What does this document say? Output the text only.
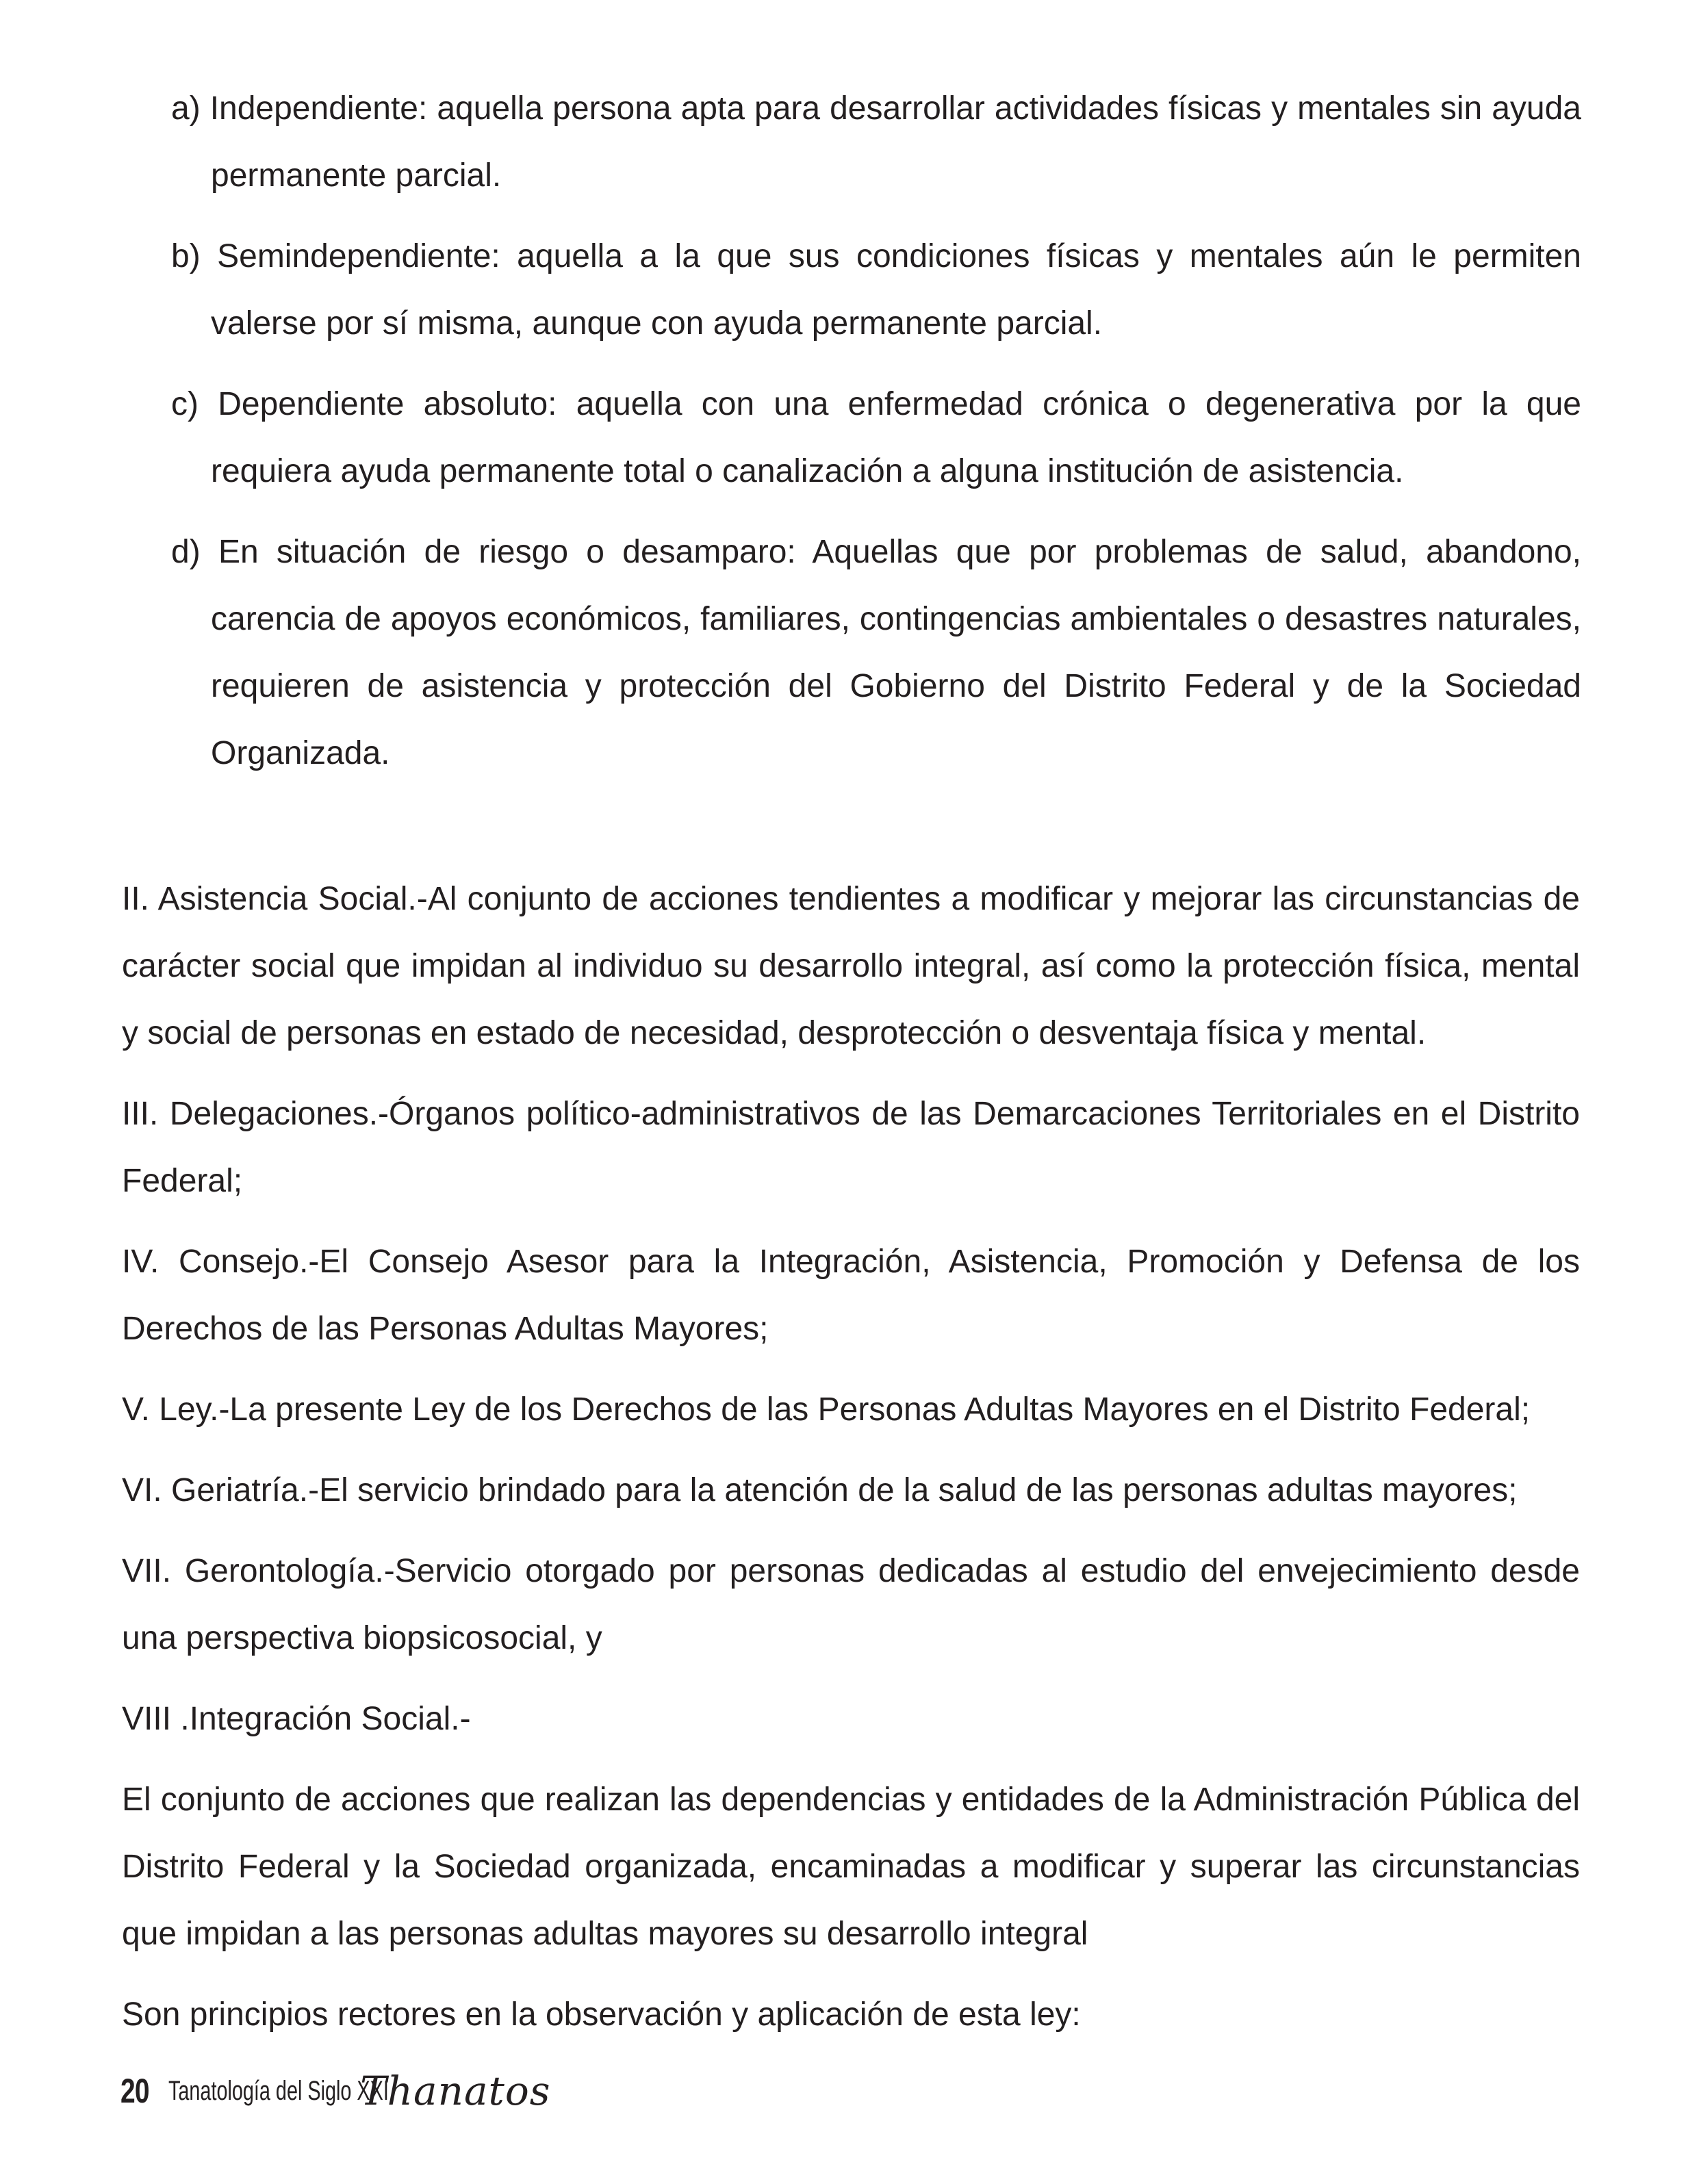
a) Independiente: aquella persona apta para desarrollar actividades físicas y mentales sin ayuda permanente parcial.
b) Semindependiente: aquella a la que sus condiciones físicas y mentales aún le permiten valerse por sí misma, aunque con ayuda permanente parcial.
c) Dependiente absoluto: aquella con una enfermedad crónica o degenerativa por la que requiera ayuda permanente total o canalización a alguna institución de asistencia.
d) En situación de riesgo o desamparo: Aquellas que por problemas de salud, abandono, carencia de apoyos económicos, familiares, contingencias ambientales o desastres naturales, requieren de asistencia y protección del Gobierno del Distrito Federal y de la Sociedad Organizada.

II. Asistencia Social.-Al conjunto de acciones tendientes a modificar y mejorar las circunstancias de carácter social que impidan al individuo su desarrollo integral, así como la protección física, mental y social de personas en estado de necesidad, desprotección o desventaja física y mental.

III. Delegaciones.-Órganos político-administrativos de las Demarcaciones Territoriales en el Distrito Federal;

IV. Consejo.-El Consejo Asesor para la Integración, Asistencia, Promoción y Defensa de los Derechos de las Personas Adultas Mayores;

V. Ley.-La presente Ley de los Derechos de las Personas Adultas Mayores en el Distrito Federal;

VI. Geriatría.-El servicio brindado para la atención de la salud de las personas adultas mayores;

VII. Gerontología.-Servicio otorgado por personas dedicadas al estudio del envejecimiento desde una perspectiva biopsicosocial, y

VIII .Integración Social.-

El conjunto de acciones que realizan las dependencias y entidades de la Administración Pública del Distrito Federal y la Sociedad organizada, encaminadas a modificar y superar las circunstancias que impidan a las personas adultas mayores su desarrollo integral

Son principios rectores en la observación y aplicación de esta ley:

20 Tanatología del Siglo XXI
Thanatos
